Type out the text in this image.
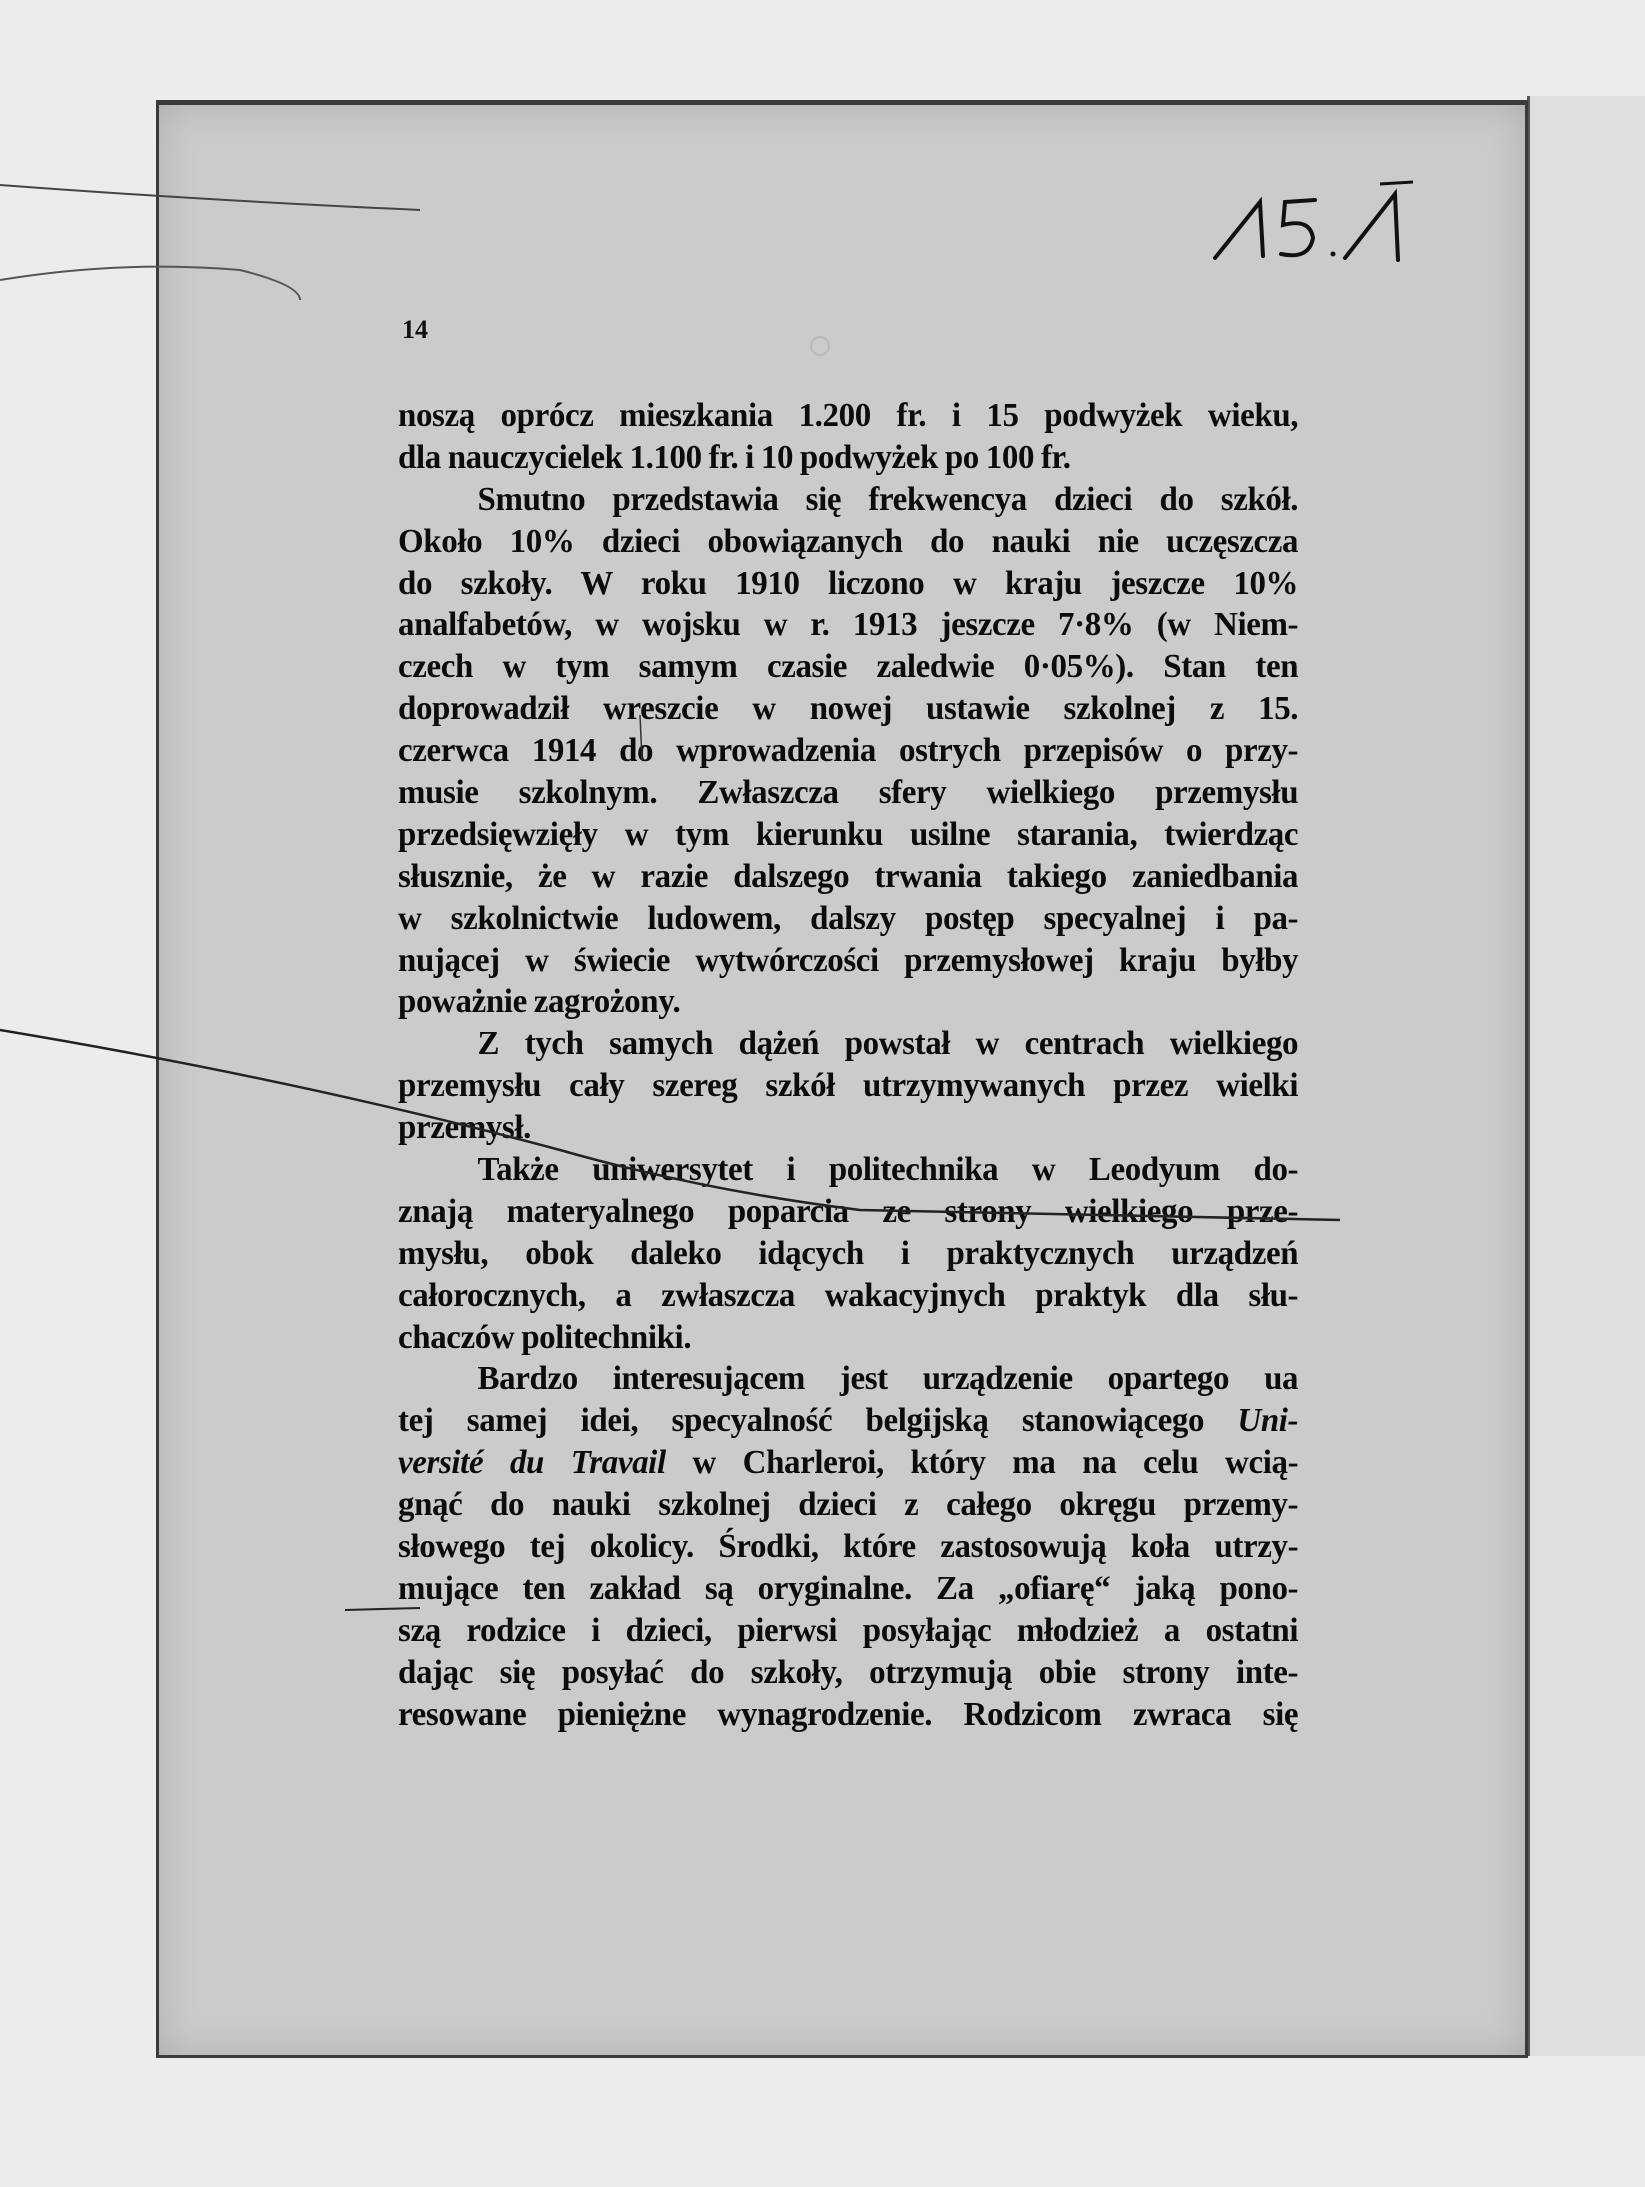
14
noszą oprócz mieszkania 1.200 fr. i 15 podwyżek wieku,
dla nauczycielek 1.100 fr. i 10 podwyżek po 100 fr.
Smutno przedstawia się frekwencya dzieci do szkół.
Około 10% dzieci obowiązanych do nauki nie uczęszcza
do szkoły. W roku 1910 liczono w kraju jeszcze 10%
analfabetów, w wojsku w r. 1913 jeszcze 7·8% (w Niem-
czech w tym samym czasie zaledwie 0·05%). Stan ten
doprowadził wreszcie w nowej ustawie szkolnej z 15.
czerwca 1914 do wprowadzenia ostrych przepisów o przy-
musie szkolnym. Zwłaszcza sfery wielkiego przemysłu
przedsięwzięły w tym kierunku usilne starania, twierdząc
słusznie, że w razie dalszego trwania takiego zaniedbania
w szkolnictwie ludowem, dalszy postęp specyalnej i pa-
nującej w świecie wytwórczości przemysłowej kraju byłby
poważnie zagrożony.
Z tych samych dążeń powstał w centrach wielkiego
przemysłu cały szereg szkół utrzymywanych przez wielki
przemysł.
Także uniwersytet i politechnika w Leodyum do-
znają materyalnego poparcia ze strony wielkiego prze-
mysłu, obok daleko idących i praktycznych urządzeń
całorocznych, a zwłaszcza wakacyjnych praktyk dla słu-
chaczów politechniki.
Bardzo interesującem jest urządzenie opartego ua
tej samej idei, specyalność belgijską stanowiącego Uni-
versité du Travail w Charleroi, który ma na celu wcią-
gnąć do nauki szkolnej dzieci z całego okręgu przemy-
słowego tej okolicy. Środki, które zastosowują koła utrzy-
mujące ten zakład są oryginalne. Za „ofiarę“ jaką pono-
szą rodzice i dzieci, pierwsi posyłając młodzież a ostatni
dając się posyłać do szkoły, otrzymują obie strony inte-
resowane pieniężne wynagrodzenie. Rodzicom zwraca się
